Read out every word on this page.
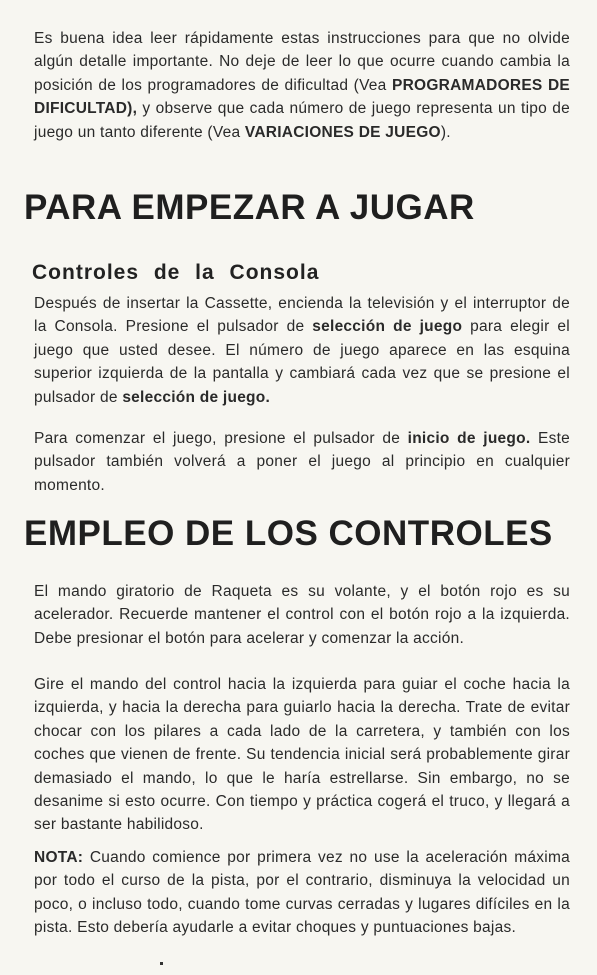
Es buena idea leer rápidamente estas instrucciones para que no olvide algún detalle importante. No deje de leer lo que ocurre cuando cambia la posición de los programadores de dificultad (Vea PROGRAMADORES DE DIFICULTAD), y observe que cada número de juego representa un tipo de juego un tanto diferente (Vea VARIACIONES DE JUEGO).

PARA EMPEZAR A JUGAR
Controles de la Consola

Después de insertar la Cassette, encienda la televisión y el interruptor de la Consola. Presione el pulsador de selección de juego para elegir el juego que usted desee. El número de juego aparece en las esquina superior izquierda de la pantalla y cambiará cada vez que se presione el pulsador de selección de juego.

Para comenzar el juego, presione el pulsador de inicio de juego. Este pulsador también volverá a poner el juego al principio en cualquier momento.

EMPLEO DE LOS CONTROLES

El mando giratorio de Raqueta es su volante, y el botón rojo es su acelerador. Recuerde mantener el control con el botón rojo a la izquierda. Debe presionar el botón para acelerar y comenzar la acción.

Gire el mando del control hacia la izquierda para guiar el coche hacia la izquierda, y hacia la derecha para guiarlo hacia la derecha. Trate de evitar chocar con los pilares a cada lado de la carretera, y también con los coches que vienen de frente. Su tendencia inicial será probablemente girar demasiado el mando, lo que le haría estrellarse. Sin embargo, no se desanime si esto ocurre. Con tiempo y práctica cogerá el truco, y llegará a ser bastante habilidoso.

NOTA: Cuando comience por primera vez no use la aceleración máxima por todo el curso de la pista, por el contrario, disminuya la velocidad un poco, o incluso todo, cuando tome curvas cerradas y lugares difíciles en la pista. Esto debería ayudarle a evitar choques y puntuaciones bajas.
